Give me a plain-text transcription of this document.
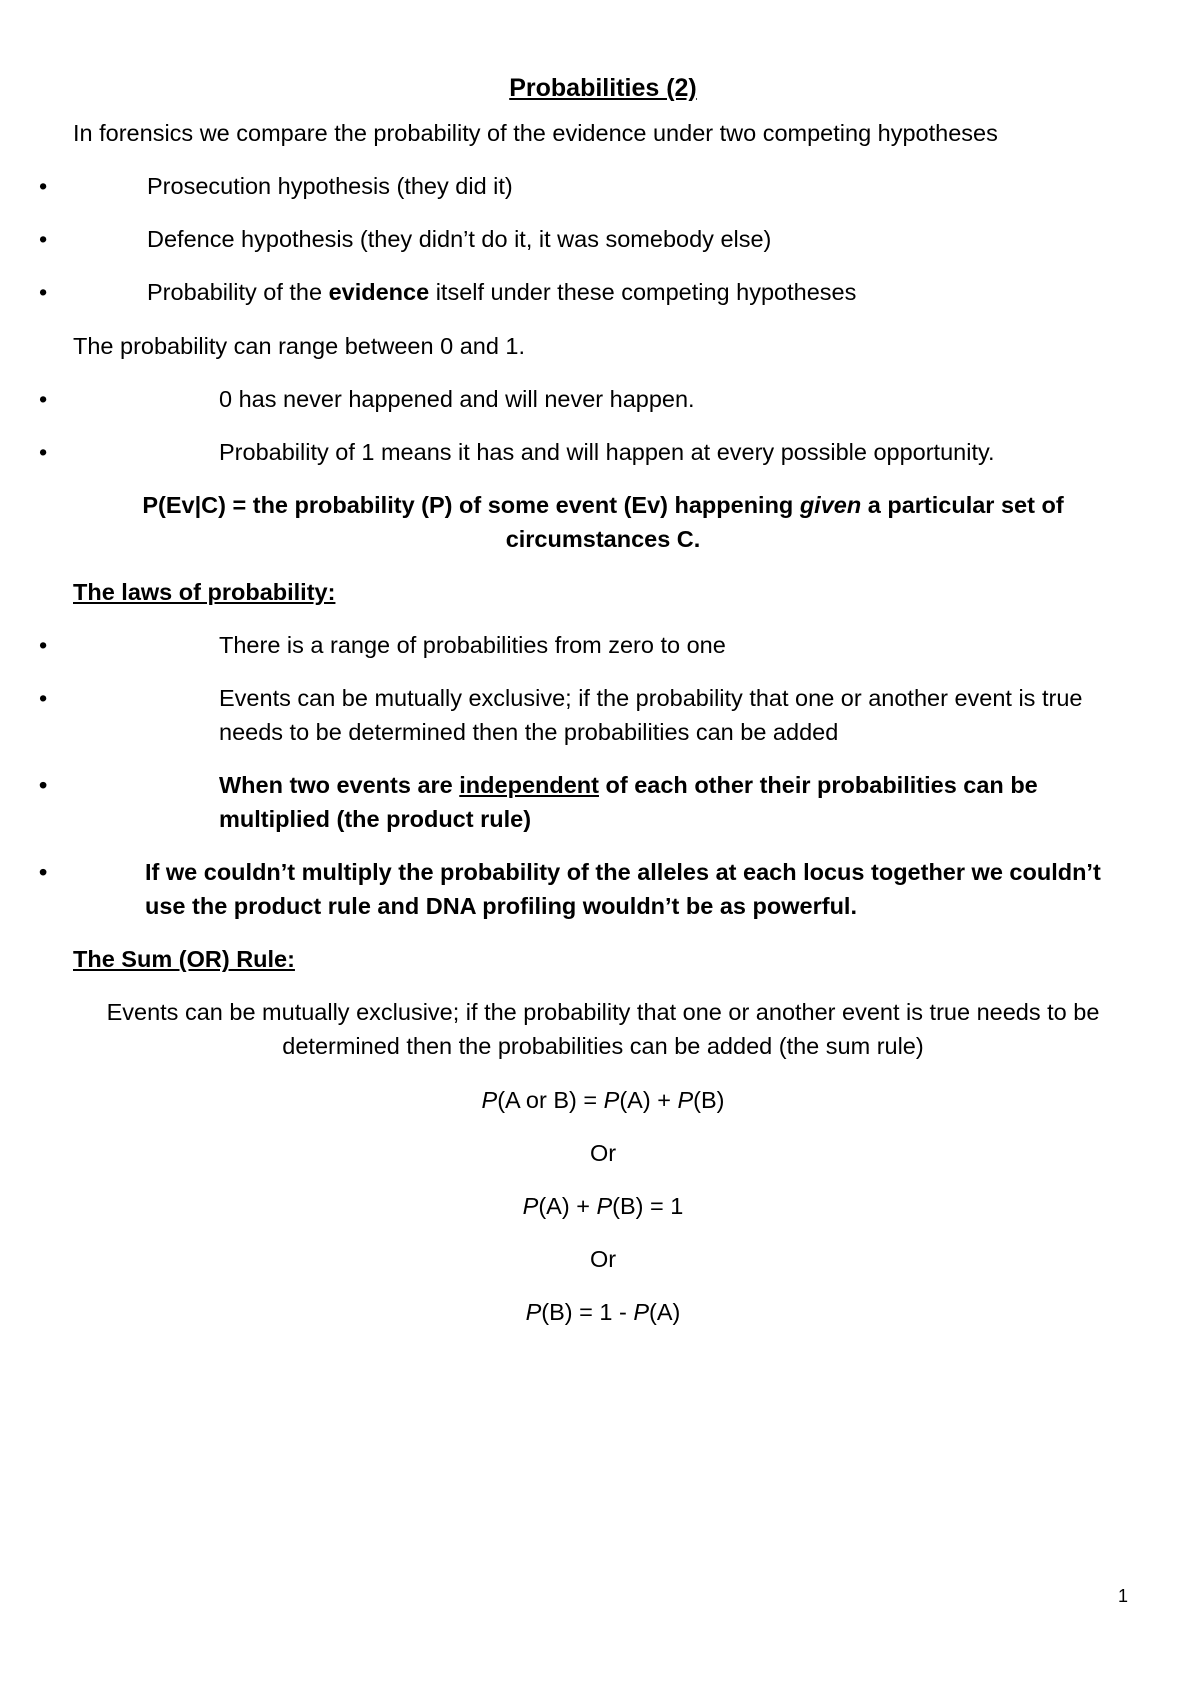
Probabilities (2)

In forensics we compare the probability of the evidence under two competing hypotheses

• Prosecution hypothesis (they did it)
• Defence hypothesis (they didn’t do it, it was somebody else)
• Probability of the evidence itself under these competing hypotheses

The probability can range between 0 and 1.

• 0 has never happened and will never happen.
• Probability of 1 means it has and will happen at every possible opportunity.

P(Ev|C) = the probability (P) of some event (Ev) happening given a particular set of circumstances C.

The laws of probability:
• There is a range of probabilities from zero to one
• Events can be mutually exclusive; if the probability that one or another event is true needs to be determined then the probabilities can be added
• When two events are independent of each other their probabilities can be multiplied (the product rule)
• If we couldn’t multiply the probability of the alleles at each locus together we couldn’t use the product rule and DNA profiling wouldn’t be as powerful.
The Sum (OR) Rule:

Events can be mutually exclusive; if the probability that one or another event is true needs to be determined then the probabilities can be added (the sum rule)

P(A or B) = P(A) + P(B)
Or
P(A) + P(B) = 1
Or
P(B) = 1 - P(A)
1
